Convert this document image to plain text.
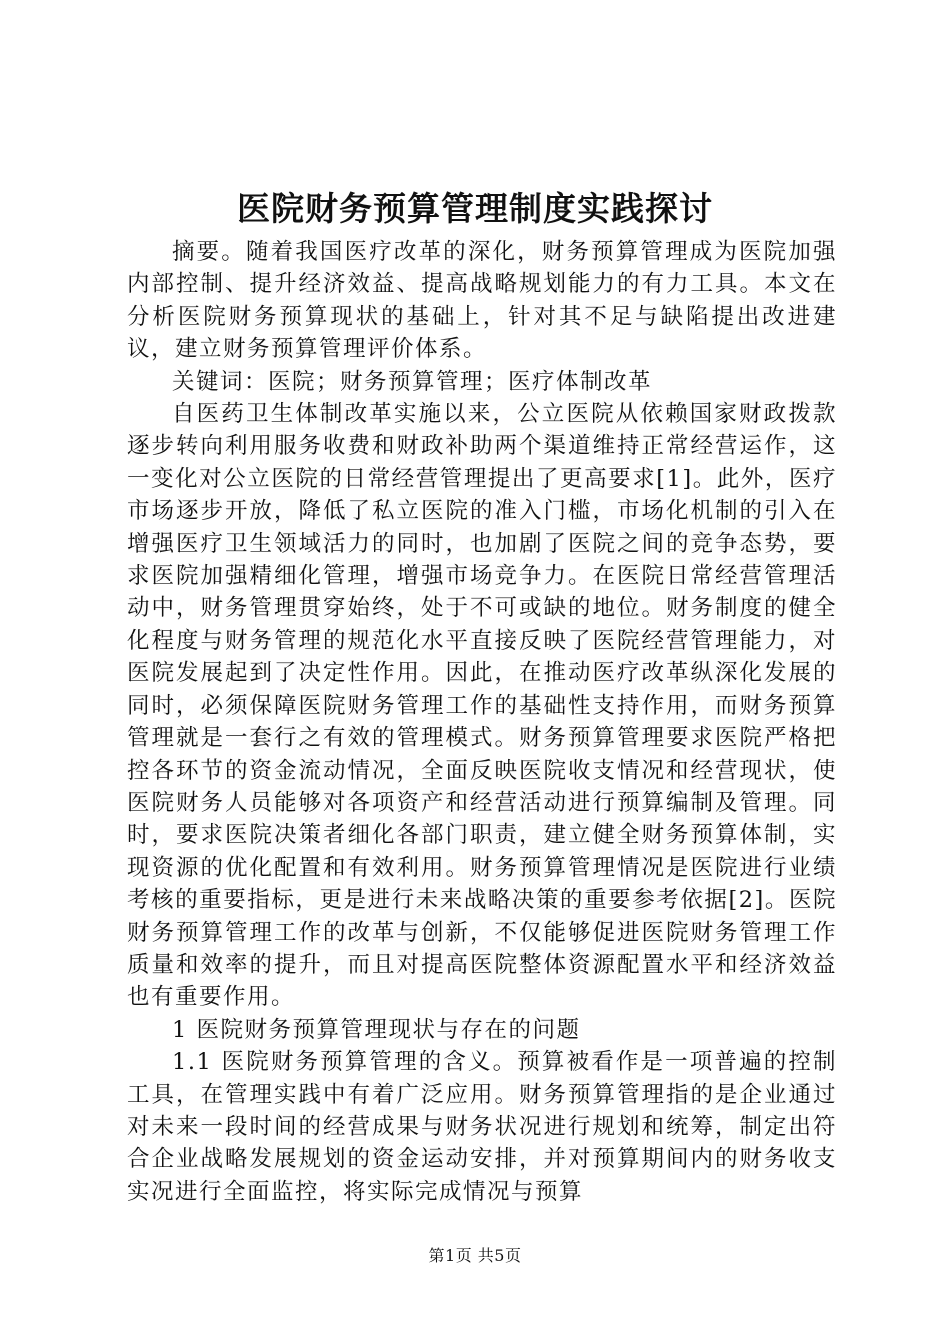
医院财务预算管理制度实践探讨

摘要。随着我国医疗改革的深化，财务预算管理成为医院加强内部控制、提升经济效益、提高战略规划能力的有力工具。本文在分析医院财务预算现状的基础上，针对其不足与缺陷提出改进建议，建立财务预算管理评价体系。

关键词：医院；财务预算管理；医疗体制改革

自医药卫生体制改革实施以来，公立医院从依赖国家财政拨款逐步转向利用服务收费和财政补助两个渠道维持正常经营运作，这一变化对公立医院的日常经营管理提出了更高要求[1]。此外，医疗市场逐步开放，降低了私立医院的准入门槛，市场化机制的引入在增强医疗卫生领域活力的同时，也加剧了医院之间的竞争态势，要求医院加强精细化管理，增强市场竞争力。在医院日常经营管理活动中，财务管理贯穿始终，处于不可或缺的地位。财务制度的健全化程度与财务管理的规范化水平直接反映了医院经营管理能力，对医院发展起到了决定性作用。因此，在推动医疗改革纵深化发展的同时，必须保障医院财务管理工作的基础性支持作用，而财务预算管理就是一套行之有效的管理模式。财务预算管理要求医院严格把控各环节的资金流动情况，全面反映医院收支情况和经营现状，使医院财务人员能够对各项资产和经营活动进行预算编制及管理。同时，要求医院决策者细化各部门职责，建立健全财务预算体制，实现资源的优化配置和有效利用。财务预算管理情况是医院进行业绩考核的重要指标，更是进行未来战略决策的重要参考依据[2]。医院财务预算管理工作的改革与创新，不仅能够促进医院财务管理工作质量和效率的提升，而且对提高医院整体资源配置水平和经济效益也有重要作用。

1 医院财务预算管理现状与存在的问题

1.1 医院财务预算管理的含义。预算被看作是一项普遍的控制工具，在管理实践中有着广泛应用。财务预算管理指的是企业通过对未来一段时间的经营成果与财务状况进行规划和统筹，制定出符合企业战略发展规划的资金运动安排，并对预算期间内的财务收支实况进行全面监控，将实际完成情况与预算

第1页 共5页
